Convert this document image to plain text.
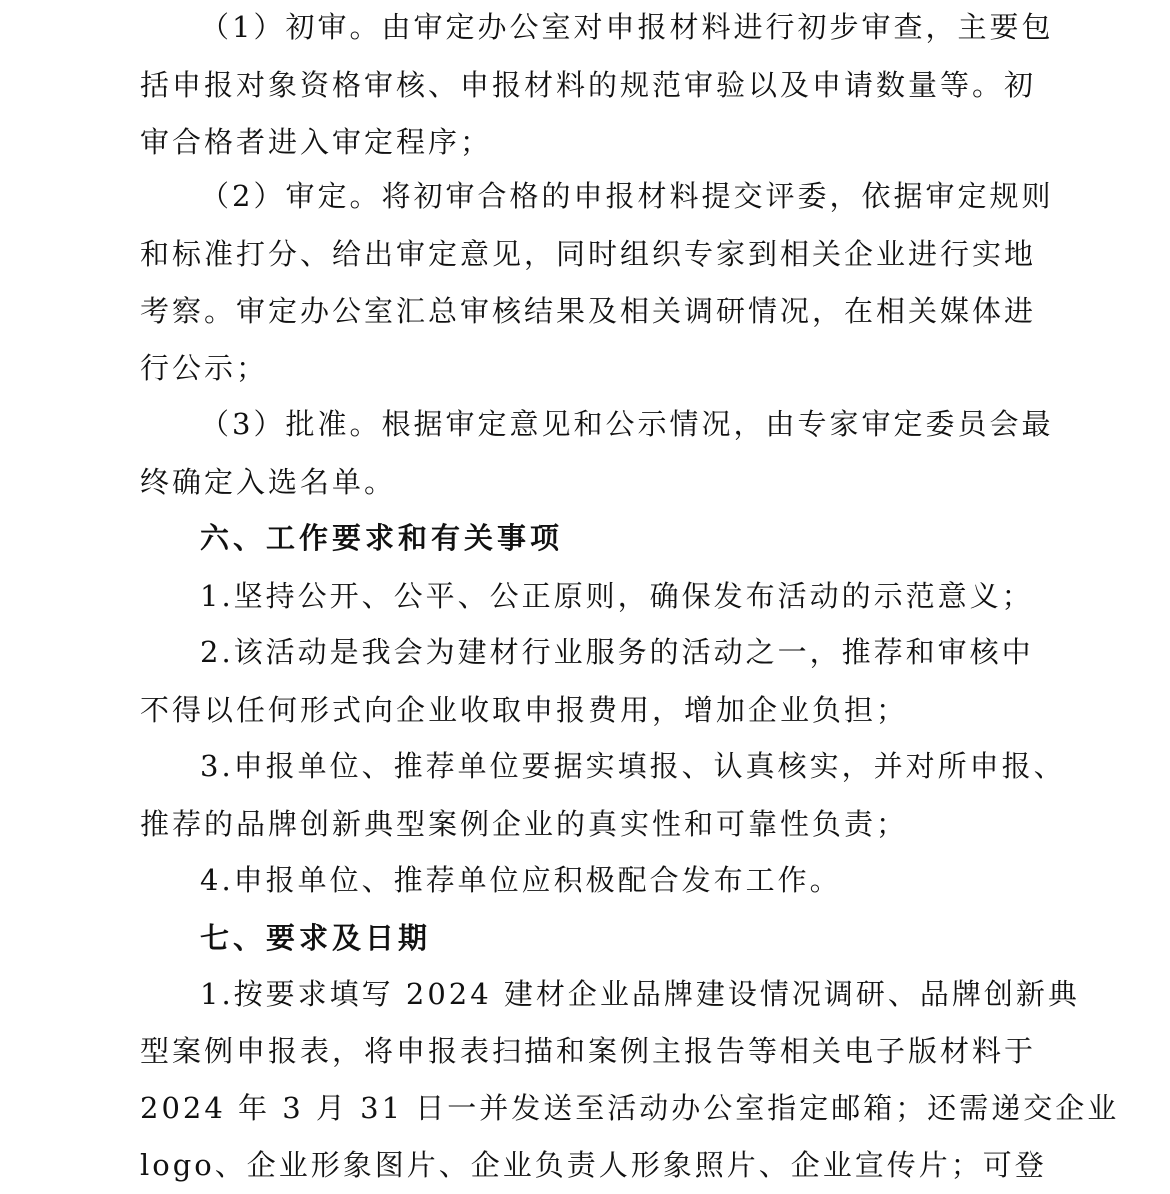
（1）初审。由审定办公室对申报材料进行初步审查，主要包
括申报对象资格审核、申报材料的规范审验以及申请数量等。初
审合格者进入审定程序；
（2）审定。将初审合格的申报材料提交评委，依据审定规则
和标准打分、给出审定意见，同时组织专家到相关企业进行实地
考察。审定办公室汇总审核结果及相关调研情况，在相关媒体进
行公示；
（3）批准。根据审定意见和公示情况，由专家审定委员会最
终确定入选名单。
六、工作要求和有关事项
1.坚持公开、公平、公正原则，确保发布活动的示范意义；
2.该活动是我会为建材行业服务的活动之一，推荐和审核中
不得以任何形式向企业收取申报费用，增加企业负担；
3.申报单位、推荐单位要据实填报、认真核实，并对所申报、
推荐的品牌创新典型案例企业的真实性和可靠性负责；
4.申报单位、推荐单位应积极配合发布工作。
七、要求及日期
1.按要求填写 2024 建材企业品牌建设情况调研、品牌创新典
型案例申报表，将申报表扫描和案例主报告等相关电子版材料于
2024 年 3 月 31 日一并发送至活动办公室指定邮箱；还需递交企业
logo、企业形象图片、企业负责人形象照片、企业宣传片；可登
